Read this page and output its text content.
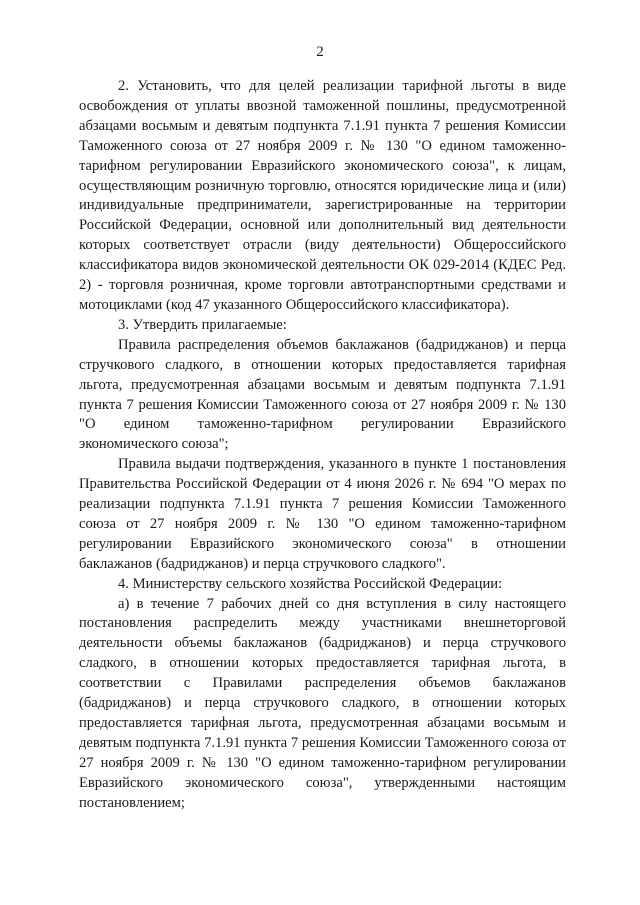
2

2. Установить, что для целей реализации тарифной льготы в виде освобождения от уплаты ввозной таможенной пошлины, предусмотренной абзацами восьмым и девятым подпункта 7.1.91 пункта 7 решения Комиссии Таможенного союза от 27 ноября 2009 г. № 130 "О едином таможенно-тарифном регулировании Евразийского экономического союза", к лицам, осуществляющим розничную торговлю, относятся юридические лица и (или) индивидуальные предприниматели, зарегистрированные на территории Российской Федерации, основной или дополнительный вид деятельности которых соответствует отрасли (виду деятельности) Общероссийского классификатора видов экономической деятельности ОК 029-2014 (КДЕС Ред. 2) - торговля розничная, кроме торговли автотранспортными средствами и мотоциклами (код 47 указанного Общероссийского классификатора).

3. Утвердить прилагаемые:

Правила распределения объемов баклажанов (бадриджанов) и перца стручкового сладкого, в отношении которых предоставляется тарифная льгота, предусмотренная абзацами восьмым и девятым подпункта 7.1.91 пункта 7 решения Комиссии Таможенного союза от 27 ноября 2009 г. № 130 "О едином таможенно-тарифном регулировании Евразийского экономического союза";

Правила выдачи подтверждения, указанного в пункте 1 постановления Правительства Российской Федерации от 4 июня 2026 г. № 694 "О мерах по реализации подпункта 7.1.91 пункта 7 решения Комиссии Таможенного союза от 27 ноября 2009 г. № 130 "О едином таможенно-тарифном регулировании Евразийского экономического союза" в отношении баклажанов (бадриджанов) и перца стручкового сладкого".

4. Министерству сельского хозяйства Российской Федерации:

а) в течение 7 рабочих дней со дня вступления в силу настоящего постановления распределить между участниками внешнеторговой деятельности объемы баклажанов (бадриджанов) и перца стручкового сладкого, в отношении которых предоставляется тарифная льгота, в соответствии с Правилами распределения объемов баклажанов (бадриджанов) и перца стручкового сладкого, в отношении которых предоставляется тарифная льгота, предусмотренная абзацами восьмым и девятым подпункта 7.1.91 пункта 7 решения Комиссии Таможенного союза от 27 ноября 2009 г. № 130 "О едином таможенно-тарифном регулировании Евразийского экономического союза", утвержденными настоящим постановлением;
